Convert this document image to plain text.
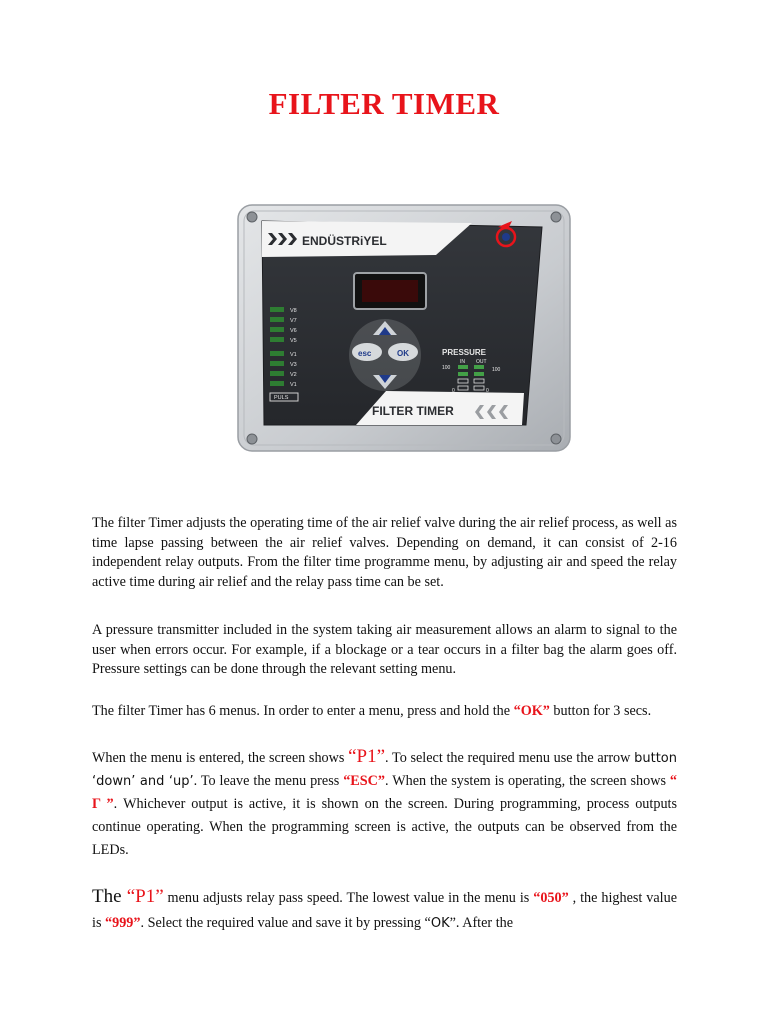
FILTER TIMER
ENDÜSTRiYEL
esc	OK
V8
V7
V6
V5
V1
V3
V2
V1
PULS
PRESSURE
IN OUT
100	100
0	0
FILTER TIMER
The filter Timer adjusts the operating time of the air relief valve during the air relief process, as well as time lapse passing between the air relief valves. Depending on demand, it can consist of 2-16 independent relay outputs. From the filter time programme menu, by adjusting air and speed the relay active time during air relief and the relay pass time can be set.
A pressure transmitter included in the system taking air measurement allows an alarm to signal to the user when errors occur. For example, if a blockage or a tear occurs in a filter bag the alarm goes off. Pressure settings can be done through the relevant setting menu.
The filter Timer has 6 menus. In order to enter a menu, press and hold the “OK” button for 3 secs.
When the menu is entered, the screen shows “P1”. To select the required menu use the arrow button ‘down’ and ‘up’. To leave the menu press “ESC”. When the system is operating, the screen shows “ Γ ”. Whichever output is active, it is shown on the screen. During programming, process outputs continue operating. When the programming screen is active, the outputs can be observed from the LEDs.
The “P1” menu adjusts relay pass speed. The lowest value in the menu is “050” , the highest value is “999”. Select the required value and save it by pressing “OK”. After the
